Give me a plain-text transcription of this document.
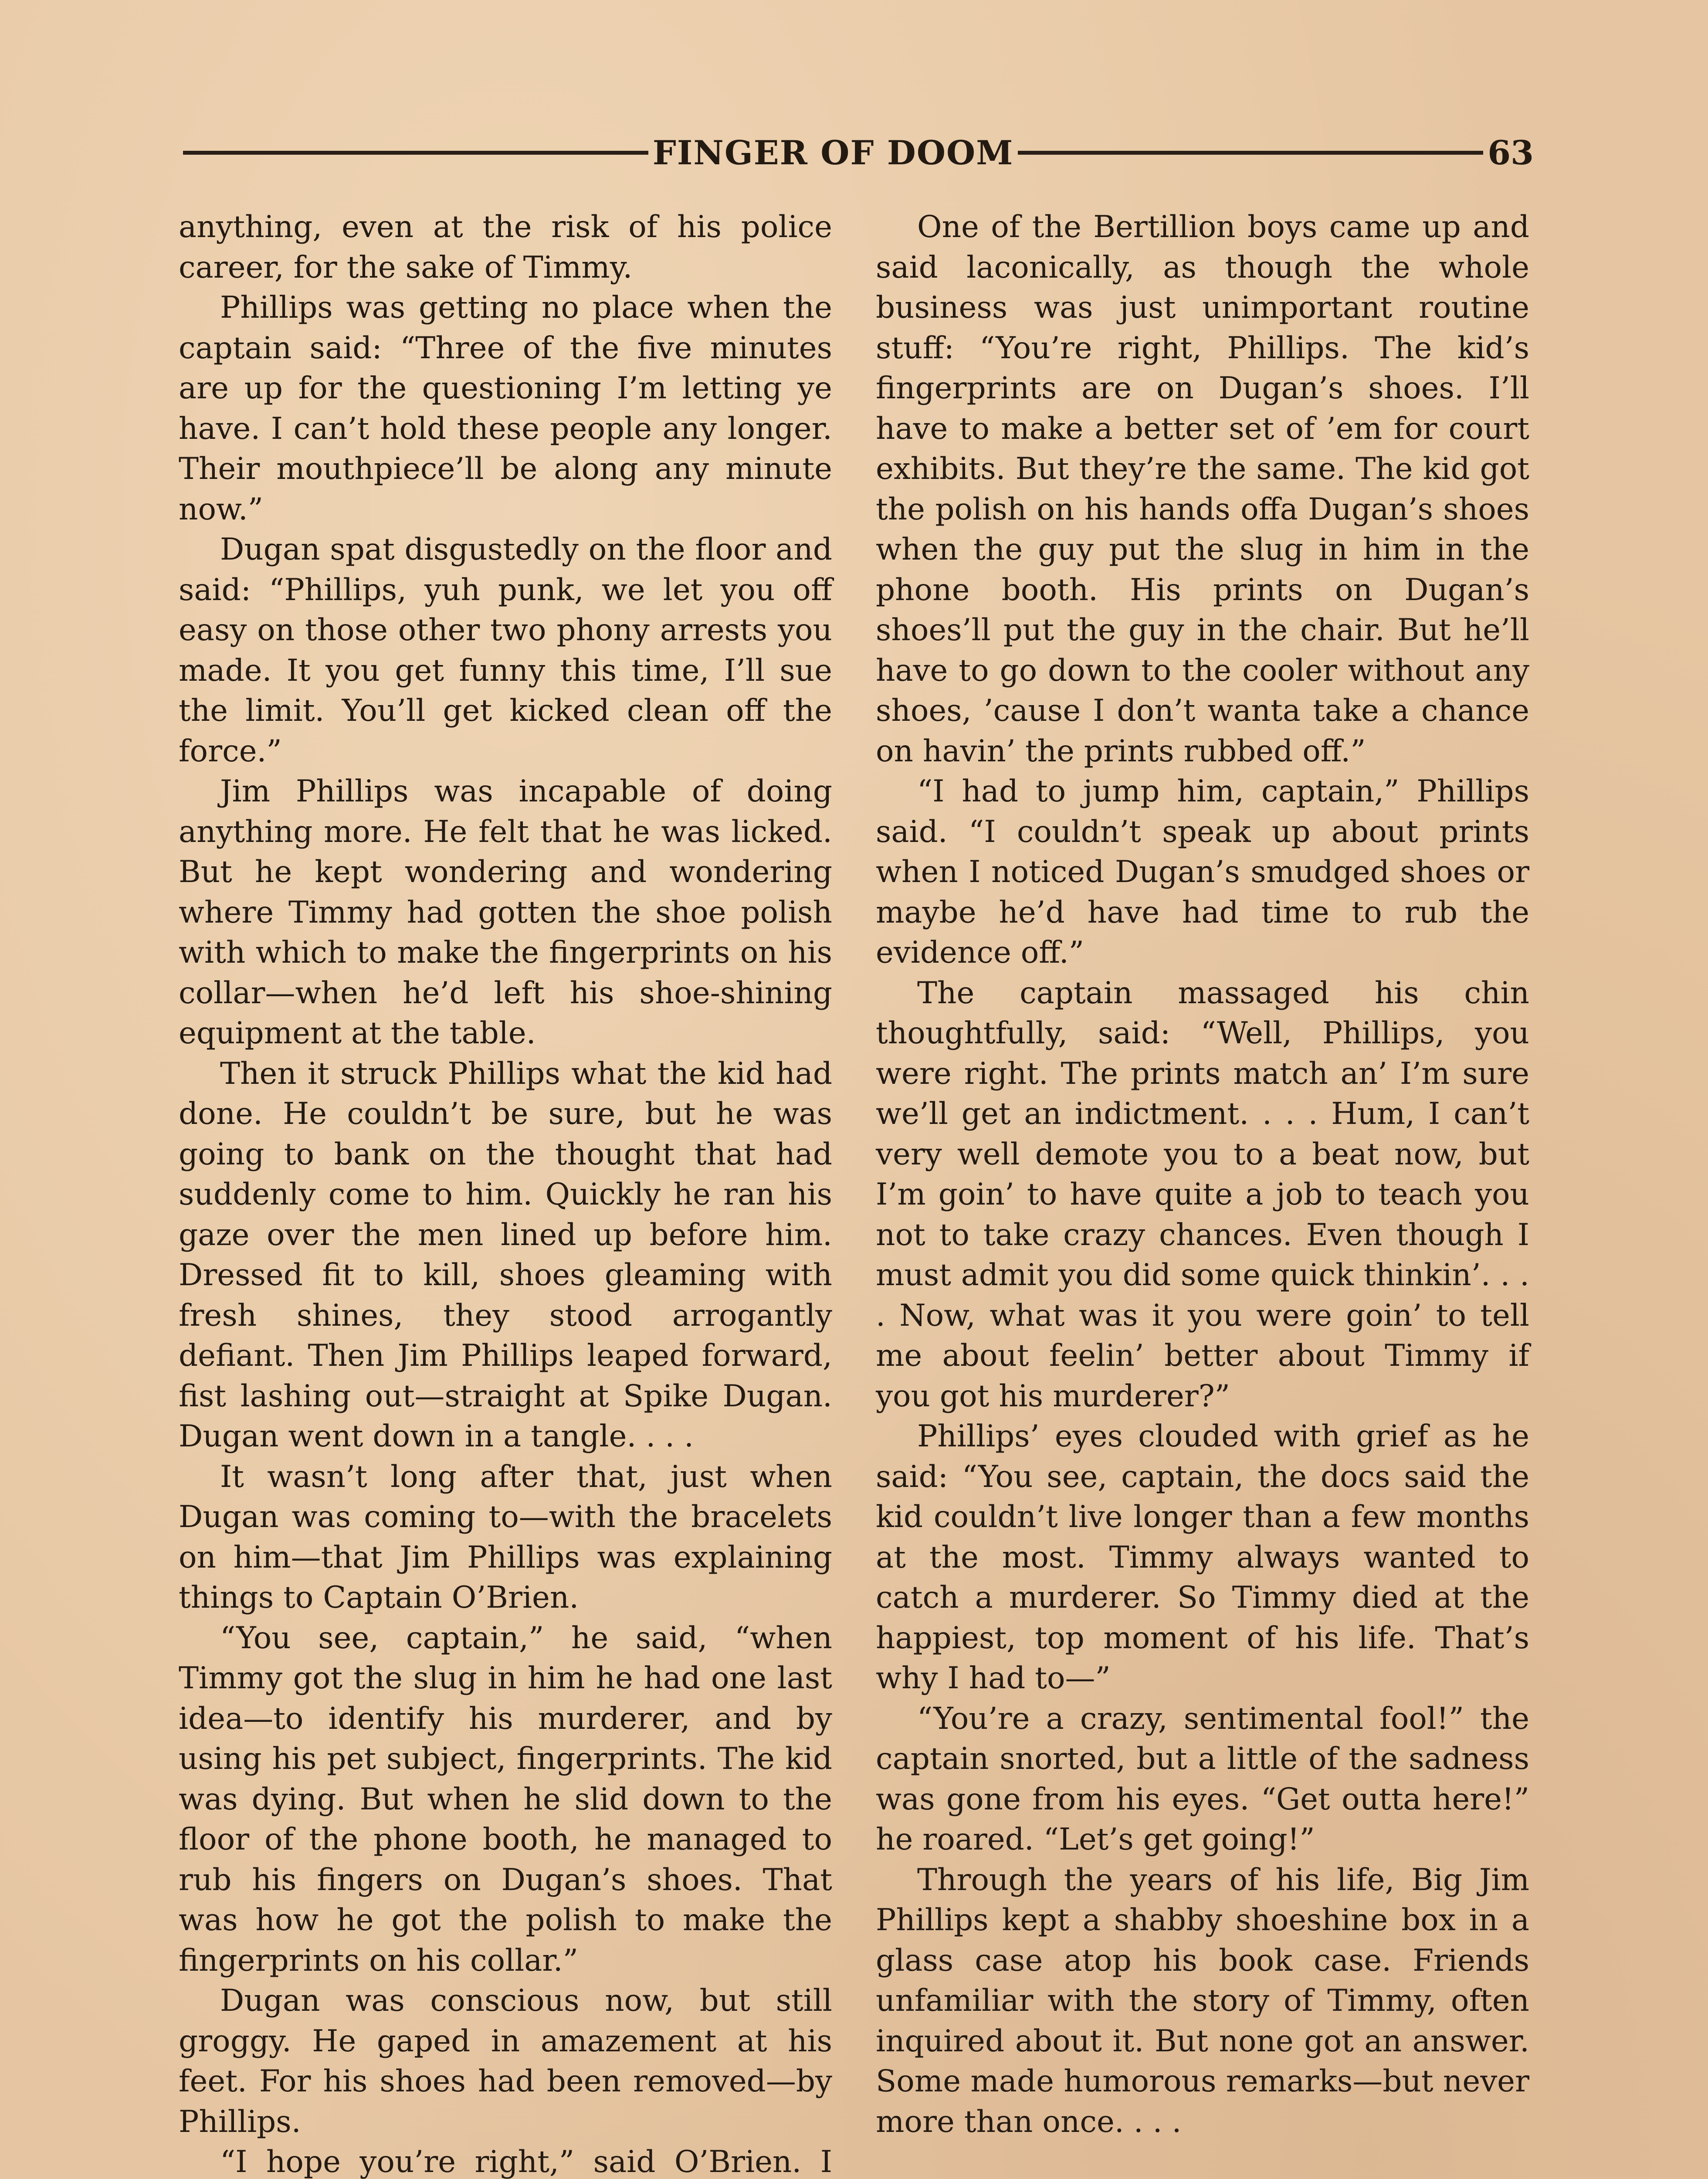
FINGER OF DOOM	63

anything, even at the risk of his police career, for the sake of Timmy.

Phillips was getting no place when the captain said: “Three of the five minutes are up for the questioning I’m letting ye have. I can’t hold these people any longer. Their mouthpiece’ll be along any minute now.”

Dugan spat disgustedly on the floor and said: “Phillips, yuh punk, we let you off easy on those other two phony arrests you made. It you get funny this time, I’ll sue the limit. You’ll get kicked clean off the force.”

Jim Phillips was incapable of doing anything more. He felt that he was licked. But he kept wondering and wondering where Timmy had gotten the shoe polish with which to make the fingerprints on his collar—when he’d left his shoe-shining equipment at the table.

Then it struck Phillips what the kid had done. He couldn’t be sure, but he was going to bank on the thought that had suddenly come to him. Quickly he ran his gaze over the men lined up before him. Dressed fit to kill, shoes gleaming with fresh shines, they stood arrogantly defiant. Then Jim Phillips leaped forward, fist lashing out—straight at Spike Dugan. Dugan went down in a tangle. . . .

It wasn’t long after that, just when Dugan was coming to—with the bracelets on him—that Jim Phillips was explaining things to Captain O’Brien.

“You see, captain,” he said, “when Timmy got the slug in him he had one last idea—to identify his murderer, and by using his pet subject, fingerprints. The kid was dying. But when he slid down to the floor of the phone booth, he managed to rub his fingers on Dugan’s shoes. That was how he got the polish to make the fingerprints on his collar.”

Dugan was conscious now, but still groggy. He gaped in amazement at his feet. For his shoes had been removed—by Phillips.

“I hope you’re right,” said O’Brien. I

One of the Bertillion boys came up and said laconically, as though the whole business was just unimportant routine stuff: “You’re right, Phillips. The kid’s fingerprints are on Dugan’s shoes. I’ll have to make a better set of ’em for court exhibits. But they’re the same. The kid got the polish on his hands offa Dugan’s shoes when the guy put the slug in him in the phone booth. His prints on Dugan’s shoes’ll put the guy in the chair. But he’ll have to go down to the cooler without any shoes, ’cause I don’t wanta take a chance on havin’ the prints rubbed off.”

“I had to jump him, captain,” Phillips said. “I couldn’t speak up about prints when I noticed Dugan’s smudged shoes or maybe he’d have had time to rub the evidence off.”

The captain massaged his chin thoughtfully, said: “Well, Phillips, you were right. The prints match an’ I’m sure we’ll get an indictment. . . . Hum, I can’t very well demote you to a beat now, but I’m goin’ to have quite a job to teach you not to take crazy chances. Even though I must admit you did some quick thinkin’. . . . Now, what was it you were goin’ to tell me about feelin’ better about Timmy if you got his murderer?”

Phillips’ eyes clouded with grief as he said: “You see, captain, the docs said the kid couldn’t live longer than a few months at the most. Timmy always wanted to catch a murderer. So Timmy died at the happiest, top moment of his life. That’s why I had to—”

“You’re a crazy, sentimental fool!” the captain snorted, but a little of the sadness was gone from his eyes. “Get outta here!” he roared. “Let’s get going!”

Through the years of his life, Big Jim Phillips kept a shabby shoeshine box in a glass case atop his book case. Friends unfamiliar with the story of Timmy, often inquired about it. But none got an answer. Some made humorous remarks—but never more than once. . . .
